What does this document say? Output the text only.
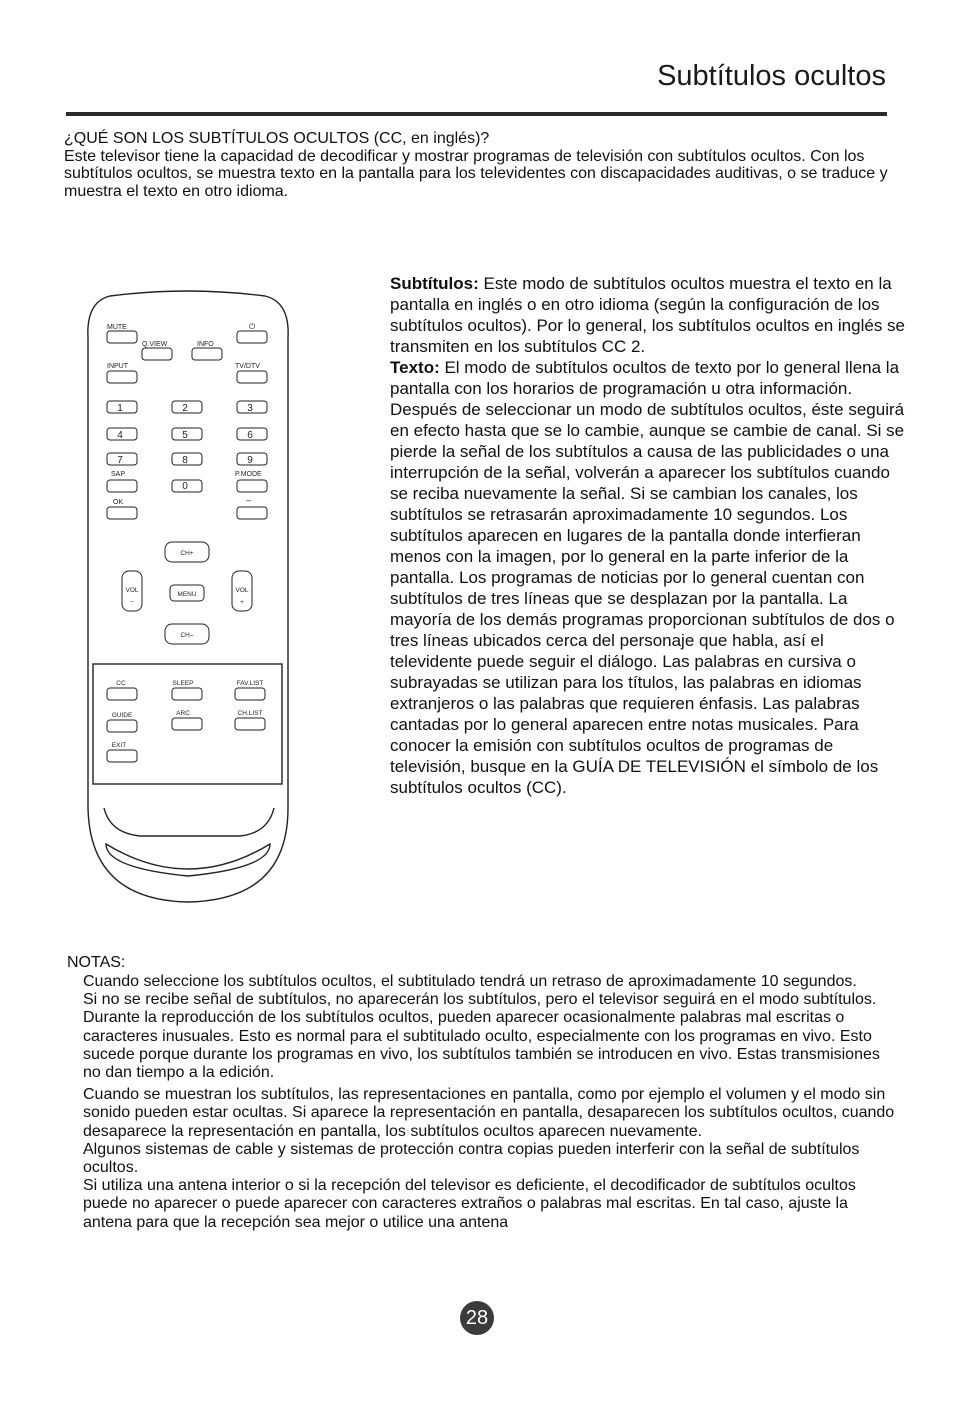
Subtítulos ocultos

¿QUÉ SON LOS SUBTÍTULOS OCULTOS (CC, en inglés)?

Este televisor tiene la capacidad de decodificar y mostrar programas de televisión con subtítulos ocultos. Con los subtítulos ocultos, se muestra texto en la pantalla para los televidentes con discapacidades auditivas, o se traduce y muestra el texto en otro idioma.

MUTE	⏻
Q.VIEW	INFO
INPUT	TV/DTV
1	2	3
4	5	6
7	8	9
0
SAP	P.MODE
OK	–
CH+
VOL
–
VOL
+
MENU
CH–
CC	SLEEP	FAV.LIST
GUIDE	ARC	CH.LIST
EXIT

Subtítulos: Este modo de subtítulos ocultos muestra el texto en la pantalla en inglés o en otro idioma (según la configuración de los subtítulos ocultos). Por lo general, los subtítulos ocultos en inglés se transmiten en los subtítulos CC 2.

Texto: El modo de subtítulos ocultos de texto por lo general llena la pantalla con los horarios de programación u otra información. Después de seleccionar un modo de subtítulos ocultos, éste seguirá en efecto hasta que se lo cambie, aunque se cambie de canal. Si se pierde la señal de los subtítulos a causa de las publicidades o una interrupción de la señal, volverán a aparecer los subtítulos cuando se reciba nuevamente la señal. Si se cambian los canales, los subtítulos se retrasarán aproximadamente 10 segundos. Los subtítulos aparecen en lugares de la pantalla donde interfieran menos con la imagen, por lo general en la parte inferior de la pantalla. Los programas de noticias por lo general cuentan con subtítulos de tres líneas que se desplazan por la pantalla. La mayoría de los demás programas proporcionan subtítulos de dos o tres líneas ubicados cerca del personaje que habla, así el televidente puede seguir el diálogo. Las palabras en cursiva o subrayadas se utilizan para los títulos, las palabras en idiomas extranjeros o las palabras que requieren énfasis. Las palabras cantadas por lo general aparecen entre notas musicales. Para conocer la emisión con subtítulos ocultos de programas de televisión, busque en la GUÍA DE TELEVISIÓN el símbolo de los subtítulos ocultos (CC).

NOTAS:

Cuando seleccione los subtítulos ocultos, el subtitulado tendrá un retraso de aproximadamente 10 segundos.

Si no se recibe señal de subtítulos, no aparecerán los subtítulos, pero el televisor seguirá en el modo subtítulos.

Durante la reproducción de los subtítulos ocultos, pueden aparecer ocasionalmente palabras mal escritas o caracteres inusuales. Esto es normal para el subtitulado oculto, especialmente con los programas en vivo. Esto sucede porque durante los programas en vivo, los subtítulos también se introducen en vivo. Estas transmisiones no dan tiempo a la edición.

Cuando se muestran los subtítulos, las representaciones en pantalla, como por ejemplo el volumen y el modo sin sonido pueden estar ocultas. Si aparece la representación en pantalla, desaparecen los subtítulos ocultos, cuando desaparece la representación en pantalla, los subtítulos ocultos aparecen nuevamente.

Algunos sistemas de cable y sistemas de protección contra copias pueden interferir con la señal de subtítulos ocultos.

Si utiliza una antena interior o si la recepción del televisor es deficiente, el decodificador de subtítulos ocultos puede no aparecer o puede aparecer con caracteres extraños o palabras mal escritas. En tal caso, ajuste la antena para que la recepción sea mejor o utilice una antena

28
